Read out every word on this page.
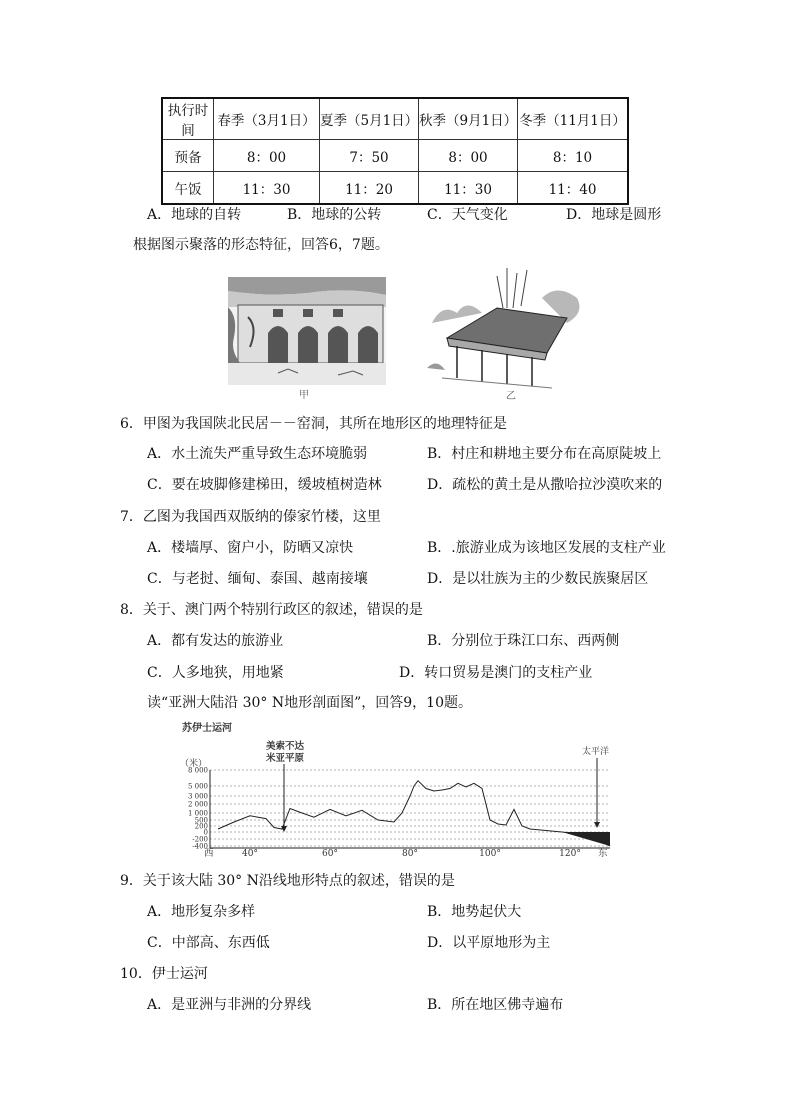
执行时间	春季（3月1日）	夏季（5月1日）	秋季（9月1日）	冬季（11月1日）
预备	8：00	7：50	8：00	8：10
午饭	11：30	11：20	11：30	11：40
A．地球的自转	B．地球的公转	C．天气变化	D．地球是圆形
根据图示聚落的形态特征，回答6，7题。
甲	乙
6．甲图为我国陕北民居－－窑洞，其所在地形区的地理特征是
A．水土流失严重导致生态环境脆弱	B．村庄和耕地主要分布在高原陡坡上
C．要在坡脚修建梯田，缓坡植树造林	D．疏松的黄土是从撒哈拉沙漠吹来的
7．乙图为我国西双版纳的傣家竹楼，这里
A．楼墙厚、窗户小，防晒又凉快	B．.旅游业成为该地区发展的支柱产业
C．与老挝、缅甸、泰国、越南接壤	D．是以壮族为主的少数民族聚居区
8．关于、澳门两个特别行政区的叙述，错误的是
A．都有发达的旅游业	B．分别位于珠江口东、西两侧
C．人多地狭，用地紧	D．转口贸易是澳门的支柱产业
读“亚洲大陆沿 30° N地形剖面图”，回答9，10题。
苏伊士运河
美索不达
米亚平原
太平洋
（米）
8 000
5 000
3 000
2 000
1 000
500
200
0
-200
-400
40°	60°	80°	100°	120°
西	东
9．关于该大陆 30° N沿线地形特点的叙述，错误的是
A．地形复杂多样	B．地势起伏大
C．中部高、东西低	D．以平原地形为主
10．伊士运河
A．是亚洲与非洲的分界线	B．所在地区佛寺遍布
